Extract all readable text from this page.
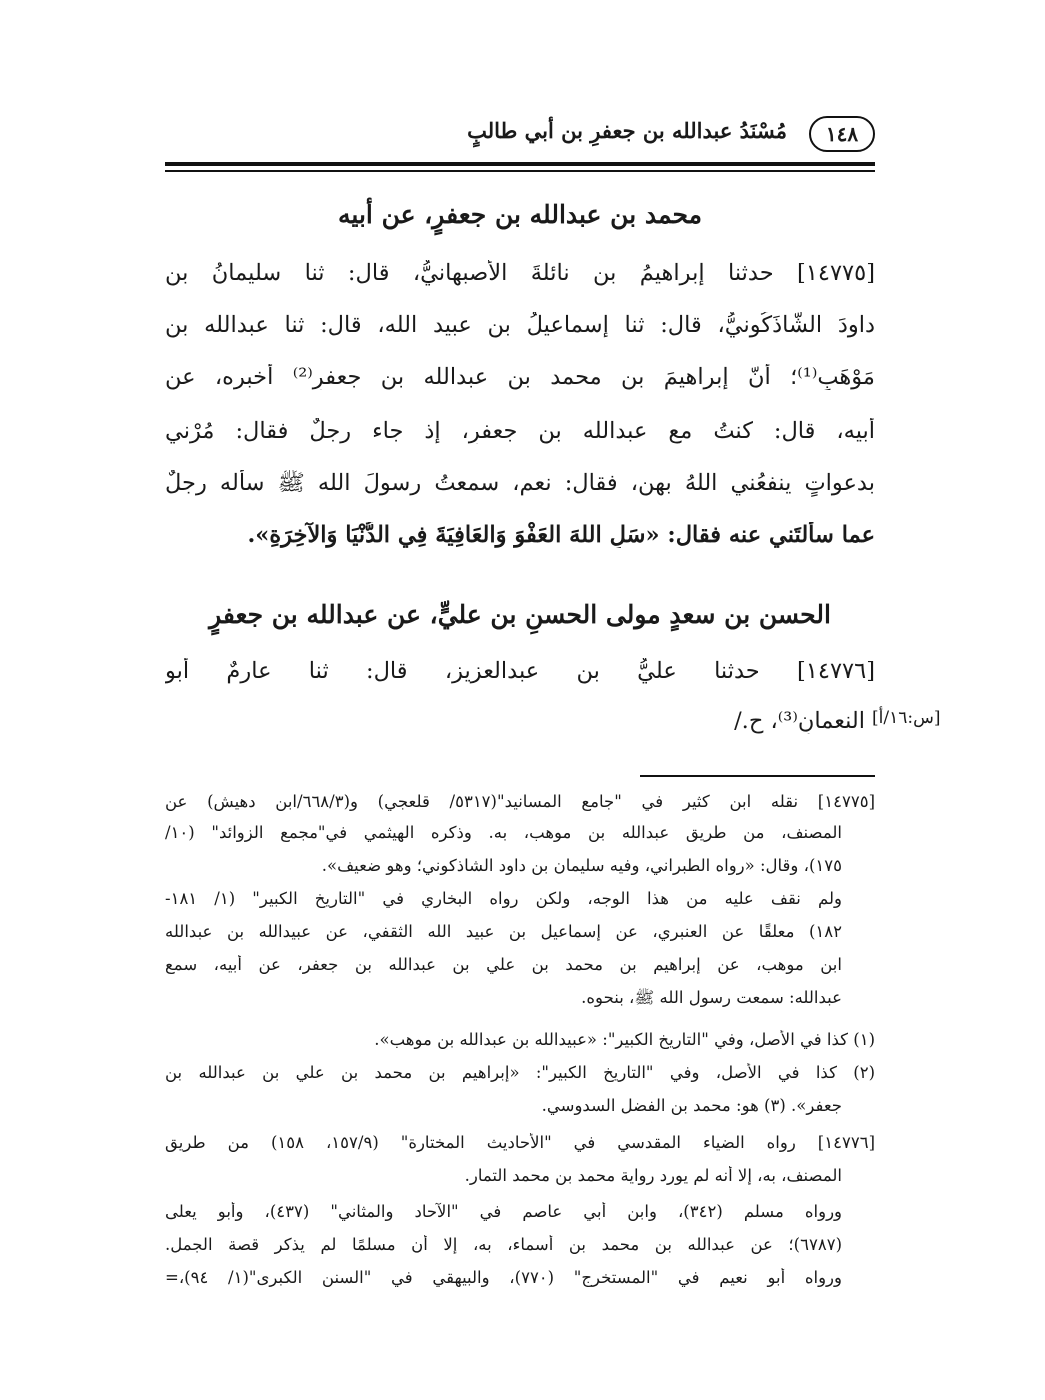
١٤٨
مُسْنَدُ عبدالله بن جعفرِ بن أبي طالبٍ
محمد بن عبدالله بن جعفرٍ، عن أبيه
[١٤٧٧٥] حدثنا إبراهيمُ بن نائلةَ الأصبهانيُّ، قال: ثنا سليمانُ بن
داودَ الشّاذَكُونيُّ، قال: ثنا إسماعيلُ بن عبيد الله، قال: ثنا عبدالله بن
مَوْهَبٍ⁽¹⁾؛ أنّ إبراهيمَ بن محمد بن عبدالله بن جعفرٍ⁽²⁾ أخبره، عن
أبيه، قال: كنتُ مع عبدالله بن جعفرٍ، إذ جاء رجلٌ فقال: مُرْني
بدعواتٍ ينفعُني اللهُ بهن، فقال: نعم، سمعتُ رسولَ الله ﷺ سأله رجلٌ
عما سألتَني عنه فقال: «سَلِ اللهَ العَفْوَ وَالعَافِيَةَ فِي الدُّنْيَا وَالآخِرَةِ».
الحسن بن سعدٍ مولى الحسنِ بن عليٍّ، عن عبدالله بن جعفرٍ
[١٤٧٧٦] حدثنا عليُّ بن عبدالعزيز، قال: ثنا عارمٌ أبو
النعمانِ⁽³⁾، ح./ [س:١٦/أ]
[١٤٧٧٥] نقله ابن كثير في "جامع المسانيد"(٥٣١٧/ قلعجي) و(٦٦٨/٣/ابن دهيش) عن
المصنف، من طريق عبدالله بن موهب، به. وذكره الهيثمي في"مجمع الزوائد" (١٠/
١٧٥)، وقال: «رواه الطبراني، وفيه سليمان بن داود الشاذكوني؛ وهو ضعيف».
ولم نقف عليه من هذا الوجه، ولكن رواه البخاري في "التاريخ الكبير" (١/ ١٨١-
١٨٢) معلقًا عن العنبري، عن إسماعيل بن عبيد الله الثقفي، عن عبيدالله بن عبدالله
ابن موهب، عن إبراهيم بن محمد بن علي بن عبدالله بن جعفر، عن أبيه، سمع
عبدالله: سمعت رسول الله ﷺ، بنحوه.
(١) كذا في الأصل، وفي "التاريخ الكبير": «عبيدالله بن عبدالله بن موهب».
(٢) كذا في الأصل، وفي "التاريخ الكبير": «إبراهيم بن محمد بن علي بن عبدالله بن
جعفر». (٣) هو: محمد بن الفضل السدوسي.
[١٤٧٧٦] رواه الضياء المقدسي في "الأحاديث المختارة" (١٥٧/٩، ١٥٨) من طريق
المصنف، به، إلا أنه لم يورد رواية محمد بن محمد التمار.
ورواه مسلم (٣٤٢)، وابن أبي عاصم في "الآحاد والمثاني" (٤٣٧)، وأبو يعلى
(٦٧٨٧)؛ عن عبدالله بن محمد بن أسماء، به، إلا أن مسلمًا لم يذكر قصة الجمل.
ورواه أبو نعيم في "المستخرج" (٧٧٠)، والبيهقي في "السنن الكبرى"(١/ ٩٤)،=
